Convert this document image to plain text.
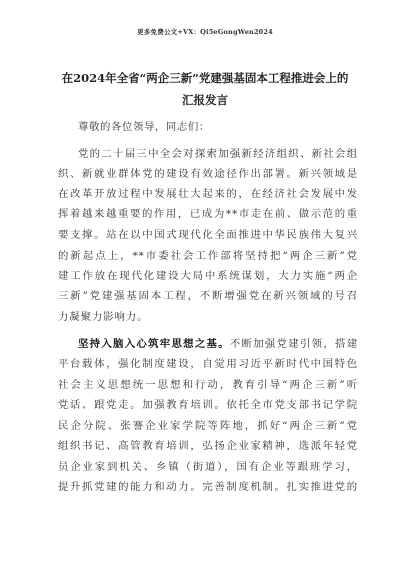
更多免费公文+VX：Qi5eGongWen2024
在2024年全省“两企三新”党建强基固本工程推进会上的
汇报发言
尊敬的各位领导，同志们：
党的二十届三中全会对探索加强新经济组织、新社会组
织、新就业群体党的建设有效途径作出部署。新兴领域是
在改革开放过程中发展壮大起来的，在经济社会发展中发
挥着越来越重要的作用，已成为**市走在前、做示范的重
要支撑。站在以中国式现代化全面推进中华民族伟大复兴
的新起点上，**市委社会工作部将坚持把“两企三新”党
建工作放在现代化建设大局中系统谋划，大力实施“两企
三新”党建强基固本工程，不断增强党在新兴领域的号召
力凝聚力影响力。
坚持入脑入心筑牢思想之基。不断加强党建引领，搭建
平台载体，强化制度建设，自觉用习近平新时代中国特色
社会主义思想统一思想和行动，教育引导“两企三新”听
党话、跟党走。加强教育培训。依托全市党支部书记学院
民企分院、张謇企业家学院等阵地，抓好“两企三新”党
组织书记、高管教育培训，弘扬企业家精神，选派年轻党
员企业家到机关、乡镇（街道），国有企业等跟班学习，
提升抓党建的能力和动力。完善制度机制。扎实推进党的
